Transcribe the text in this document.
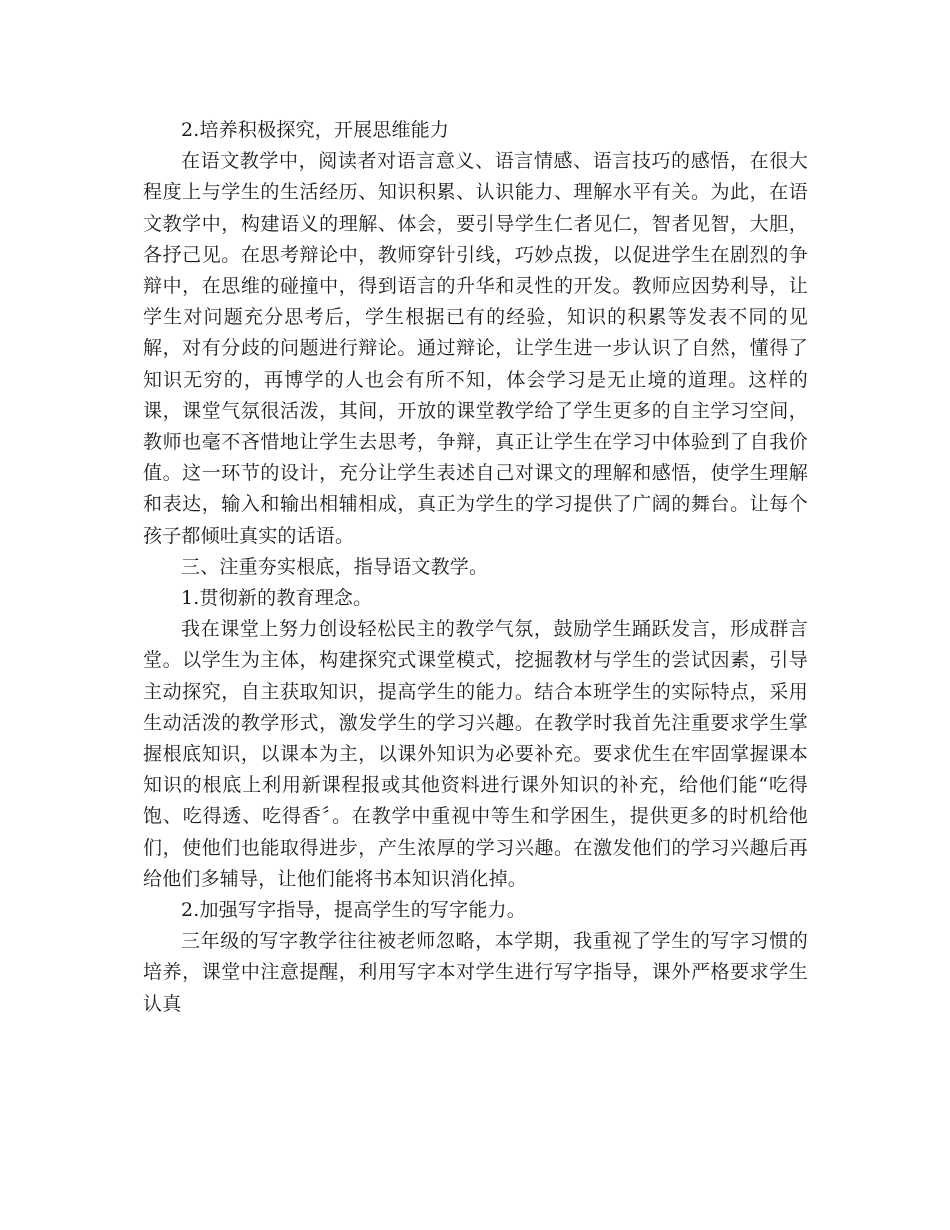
2.培养积极探究，开展思维能力

在语文教学中，阅读者对语言意义、语言情感、语言技巧的感悟，在很大程度上与学生的生活经历、知识积累、认识能力、理解水平有关。为此，在语文教学中，构建语义的理解、体会，要引导学生仁者见仁，智者见智，大胆，各抒己见。在思考辩论中，教师穿针引线，巧妙点拨，以促进学生在剧烈的争辩中，在思维的碰撞中，得到语言的升华和灵性的开发。教师应因势利导，让学生对问题充分思考后，学生根据已有的经验，知识的积累等发表不同的见解，对有分歧的问题进行辩论。通过辩论，让学生进一步认识了自然，懂得了知识无穷的，再博学的人也会有所不知，体会学习是无止境的道理。这样的课，课堂气氛很活泼，其间，开放的课堂教学给了学生更多的自主学习空间，教师也毫不吝惜地让学生去思考，争辩，真正让学生在学习中体验到了自我价值。这一环节的设计，充分让学生表述自己对课文的理解和感悟，使学生理解和表达，输入和输出相辅相成，真正为学生的学习提供了广阔的舞台。让每个孩子都倾吐真实的话语。

三、注重夯实根底，指导语文教学。

1.贯彻新的教育理念。

我在课堂上努力创设轻松民主的教学气氛，鼓励学生踊跃发言，形成群言堂。以学生为主体，构建探究式课堂模式，挖掘教材与学生的尝试因素，引导主动探究，自主获取知识，提高学生的能力。结合本班学生的实际特点，采用生动活泼的教学形式，激发学生的学习兴趣。在教学时我首先注重要求学生掌握根底知识，以课本为主，以课外知识为必要补充。要求优生在牢固掌握课本知识的根底上利用新课程报或其他资料进行课外知识的补充，给他们能“吃得饱、吃得透、吃得香〞。在教学中重视中等生和学困生，提供更多的时机给他们，使他们也能取得进步，产生浓厚的学习兴趣。在激发他们的学习兴趣后再给他们多辅导，让他们能将书本知识消化掉。

2.加强写字指导，提高学生的写字能力。

三年级的写字教学往往被老师忽略，本学期，我重视了学生的写字习惯的培养，课堂中注意提醒，利用写字本对学生进行写字指导，课外严格要求学生认真
